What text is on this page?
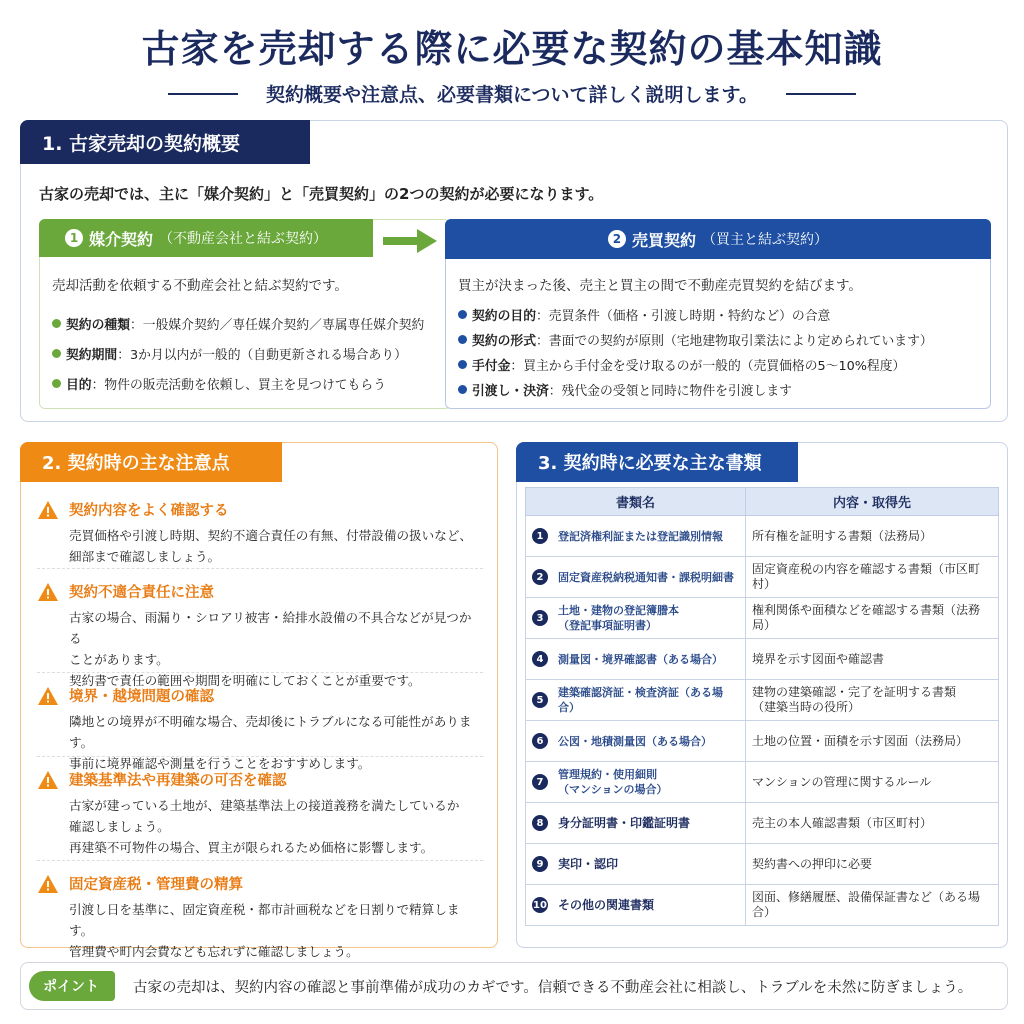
古家を売却する際に必要な契約の基本知識
契約概要や注意点、必要書類について詳しく説明します。
1. 古家売却の契約概要
古家の売却では、主に「媒介契約」と「売買契約」の2つの契約が必要になります。
1 媒介契約 （不動産会社と結ぶ契約）
売却活動を依頼する不動産会社と結ぶ契約です。
契約の種類 ：一般媒介契約／専任媒介契約／専属専任媒介契約
契約期間 ：3か月以内が一般的（自動更新される場合あり）
目的 ：物件の販売活動を依頼し、買主を見つけてもらう
2 売買契約 （買主と結ぶ契約）
買主が決まった後、売主と買主の間で不動産売買契約を結びます。
契約の目的 ：売買条件（価格・引渡し時期・特約など）の合意
契約の形式 ：書面での契約が原則（宅地建物取引業法により定められています）
手付金 ：買主から手付金を受け取るのが一般的（売買価格の5〜10%程度）
引渡し・決済 ：残代金の受領と同時に物件を引渡します
2. 契約時の主な注意点
契約内容をよく確認する
売買価格や引渡し時期、契約不適合責任の有無、付帯設備の扱いなど、
細部まで確認しましょう。
契約不適合責任に注意
古家の場合、雨漏り・シロアリ被害・給排水設備の不具合などが見つかる
ことがあります。
契約書で責任の範囲や期間を明確にしておくことが重要です。
境界・越境問題の確認
隣地との境界が不明確な場合、売却後にトラブルになる可能性があります。
事前に境界確認や測量を行うことをおすすめします。
建築基準法や再建築の可否を確認
古家が建っている土地が、建築基準法上の接道義務を満たしているか
確認しましょう。
再建築不可物件の場合、買主が限られるため価格に影響します。
固定資産税・管理費の精算
引渡し日を基準に、固定資産税・都市計画税などを日割りで精算します。
管理費や町内会費なども忘れずに確認しましょう。
3. 契約時に必要な主な書類
書類名	内容・取得先

1 登記済権利証または登記識別情報	所有権を証明する書類（法務局）

2 固定資産税納税通知書・課税明細書	固定資産税の内容を確認する書類（市区町村）

3
土地・建物の登記簿謄本
（登記事項証明書）	権利関係や面積などを確認する書類（法務局）

4 測量図・境界確認書（ある場合）	境界を示す図面や確認書

5
建築確認済証・検査済証（ある場合）	建物の建築確認・完了を証明する書類
（建築当時の役所）

6 公図・地積測量図（ある場合）	土地の位置・面積を示す図面（法務局）

7
管理規約・使用細則
（マンションの場合）	マンションの管理に関するルール

8 身分証明書・印鑑証明書	売主の本人確認書類（市区町村）

9 実印・認印	契約書への押印に必要

10 その他の関連書類	図面、修繕履歴、設備保証書など（ある場合）
ポイント	古家の売却は、契約内容の確認と事前準備が成功のカギです。信頼できる不動産会社に相談し、トラブルを未然に防ぎましょう。
